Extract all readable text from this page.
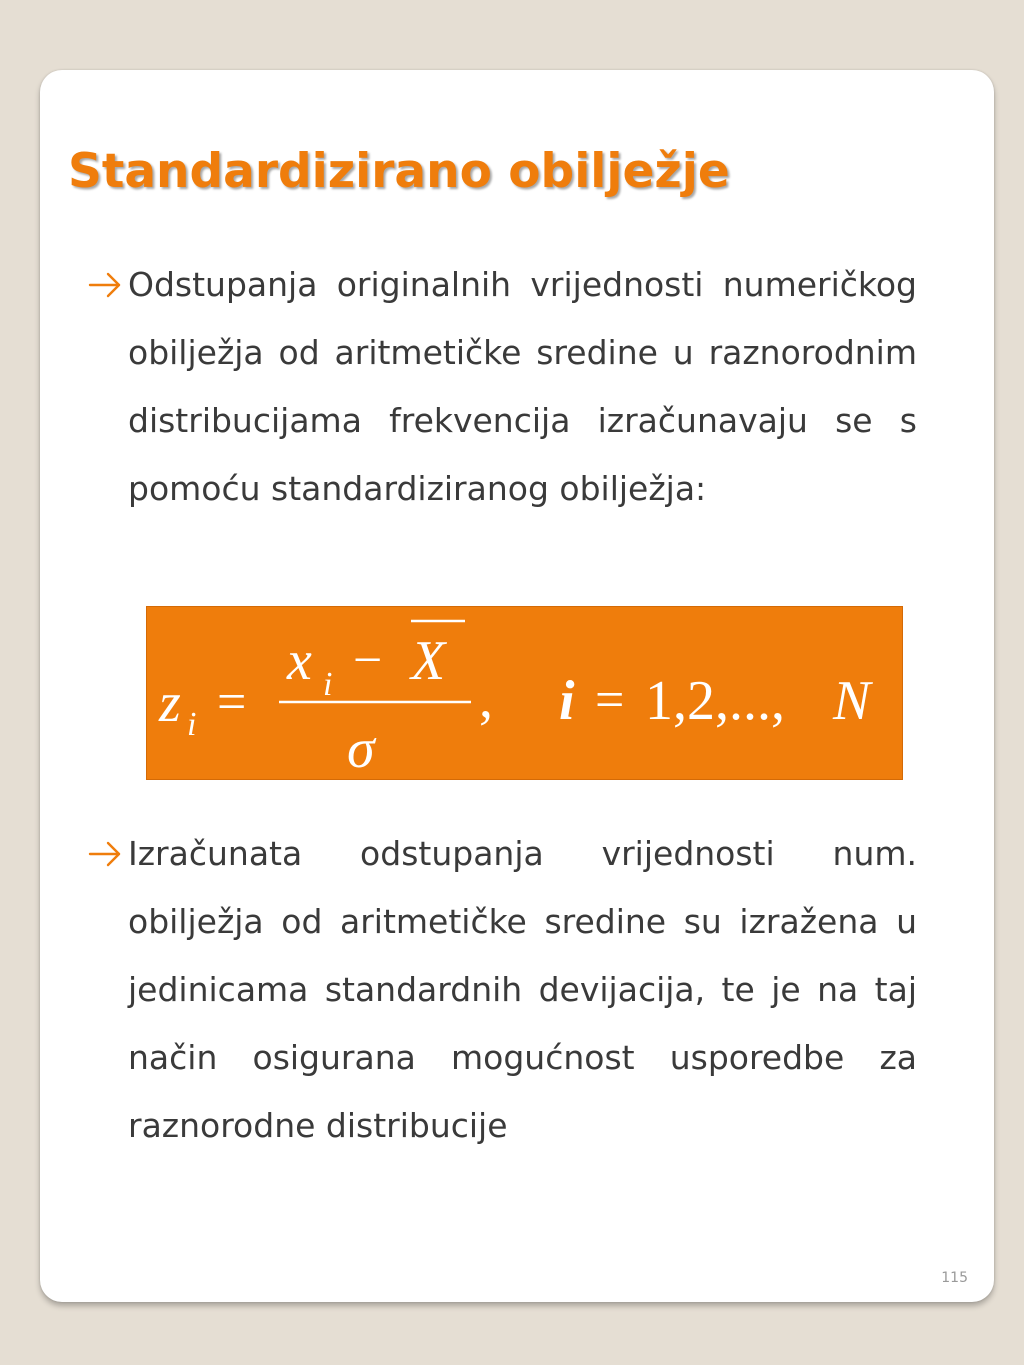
Standardizirano obilježje
Odstupanja originalnih vrijednosti numeričkog obilježja od aritmetičke sredine u raznorodnim distribucijama frekvencija izračunavaju se s pomoću standardiziranog obilježja:
z i =
x i − X
σ
, i = 1,2,..., N
Izračunata odstupanja vrijednosti num. obilježja od aritmetičke sredine su izražena u jedinicama standardnih devijacija, te je na taj način osigurana mogućnost usporedbe za raznorodne distribucije
115
